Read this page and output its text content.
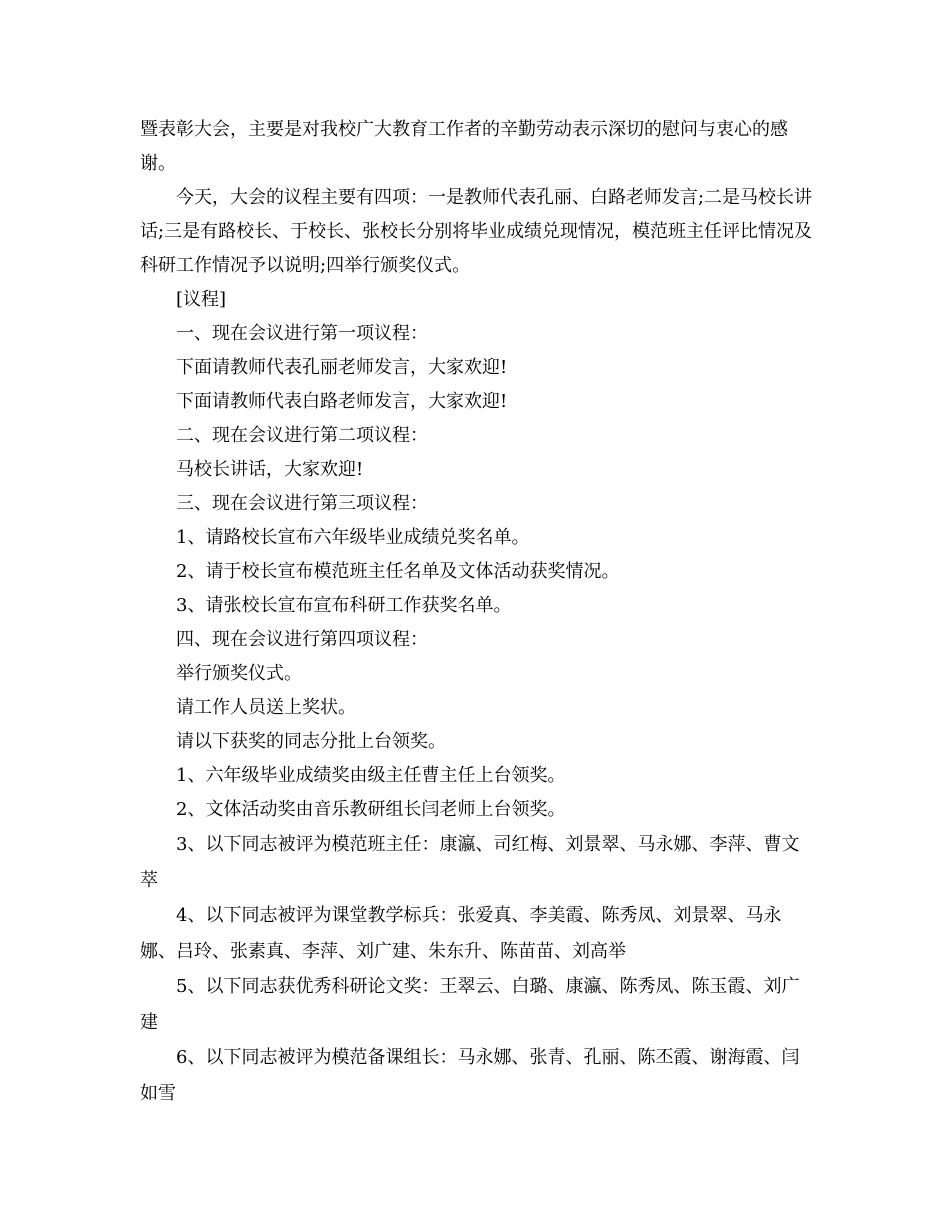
暨表彰大会，主要是对我校广大教育工作者的辛勤劳动表示深切的慰问与衷心的感谢。

今天，大会的议程主要有四项：一是教师代表孔丽、白路老师发言;二是马校长讲话;三是有路校长、于校长、张校长分别将毕业成绩兑现情况，模范班主任评比情况及科研工作情况予以说明;四举行颁奖仪式。

[议程]

一、现在会议进行第一项议程：

下面请教师代表孔丽老师发言，大家欢迎!

下面请教师代表白路老师发言，大家欢迎!

二、现在会议进行第二项议程：

马校长讲话，大家欢迎!

三、现在会议进行第三项议程：

1、请路校长宣布六年级毕业成绩兑奖名单。

2、请于校长宣布模范班主任名单及文体活动获奖情况。

3、请张校长宣布宣布科研工作获奖名单。

四、现在会议进行第四项议程：

举行颁奖仪式。

请工作人员送上奖状。

请以下获奖的同志分批上台领奖。

1、六年级毕业成绩奖由级主任曹主任上台领奖。

2、文体活动奖由音乐教研组长闫老师上台领奖。

3、以下同志被评为模范班主任：康瀛、司红梅、刘景翠、马永娜、李萍、曹文萃

4、以下同志被评为课堂教学标兵：张爱真、李美霞、陈秀凤、刘景翠、马永娜、吕玲、张素真、李萍、刘广建、朱东升、陈苗苗、刘高举

5、以下同志获优秀科研论文奖：王翠云、白璐、康瀛、陈秀凤、陈玉霞、刘广建

6、以下同志被评为模范备课组长：马永娜、张青、孔丽、陈丕霞、谢海霞、闫如雪
